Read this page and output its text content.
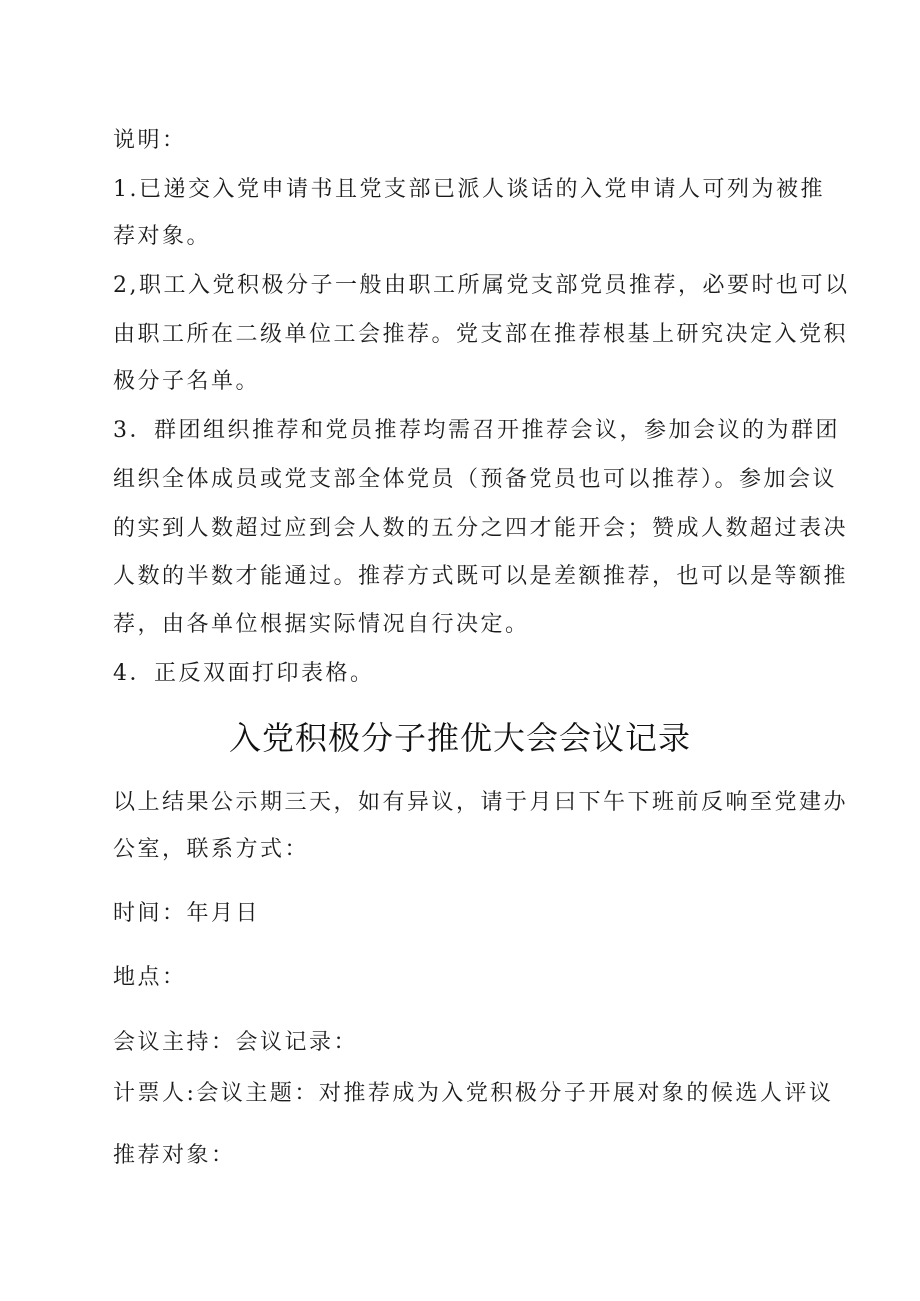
说明：

1.已递交入党申请书且党支部已派人谈话的入党申请人可列为被推

荐对象。

2,职工入党积极分子一般由职工所属党支部党员推荐，必要时也可以

由职工所在二级单位工会推荐。党支部在推荐根基上研究决定入党积

极分子名单。

3．群团组织推荐和党员推荐均需召开推荐会议，参加会议的为群团

组织全体成员或党支部全体党员（预备党员也可以推荐）。参加会议

的实到人数超过应到会人数的五分之四才能开会；赞成人数超过表决

人数的半数才能通过。推荐方式既可以是差额推荐，也可以是等额推

荐，由各单位根据实际情况自行决定。

4．正反双面打印表格。

入党积极分子推优大会会议记录

以上结果公示期三天，如有异议，请于月曰下午下班前反响至党建办

公室，联系方式：

时间：年月日

地点：

会议主持：会议记录：

计票人:会议主题：对推荐成为入党积极分子开展对象的候选人评议

推荐对象：
